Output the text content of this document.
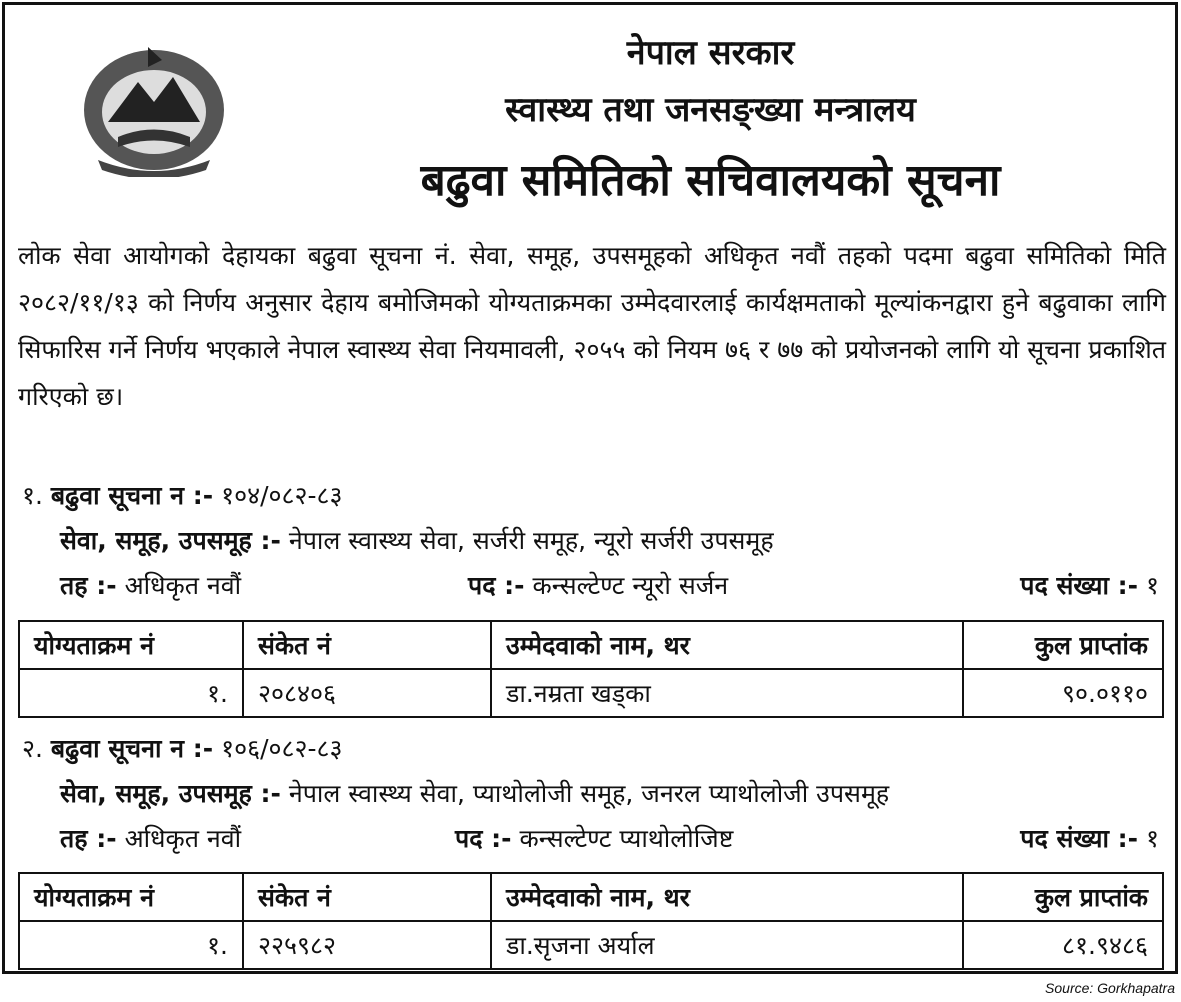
नेपाल सरकार
स्वास्थ्य तथा जनसङ्ख्या मन्त्रालय
बढुवा समितिको सचिवालयको सूचना
लोक सेवा आयोगको देहायका बढुवा सूचना नं. सेवा, समूह, उपसमूहको अधिकृत नवौं तहको पदमा बढुवा समितिको मिति २०८२/११/१३ को निर्णय अनुसार देहाय बमोजिमको योग्यताक्रमका उम्मेदवारलाई कार्यक्षमताको मूल्यांकनद्वारा हुने बढुवाका लागि सिफारिस गर्ने निर्णय भएकाले नेपाल स्वास्थ्य सेवा नियमावली, २०५५ को नियम ७६ र ७७ को प्रयोजनको लागि यो सूचना प्रकाशित गरिएको छ।
१. बढुवा सूचना न :- १०४/०८२-८३
सेवा, समूह, उपसमूह :- नेपाल स्वास्थ्य सेवा, सर्जरी समूह, न्यूरो सर्जरी उपसमूह
तह :- अधिकृत नवौं	पद :- कन्सल्टेण्ट न्यूरो सर्जन	पद संख्या :- १
योग्यताक्रम नं	संकेत नं	उम्मेदवाको नाम, थर	कुल प्राप्तांक
१.	२०८४०६	डा.नम्रता खड्का	९०.०११०
२. बढुवा सूचना न :- १०६/०८२-८३
सेवा, समूह, उपसमूह :- नेपाल स्वास्थ्य सेवा, प्याथोलोजी समूह, जनरल प्याथोलोजी उपसमूह
तह :- अधिकृत नवौं	पद :- कन्सल्टेण्ट प्याथोलोजिष्ट	पद संख्या :- १
योग्यताक्रम नं	संकेत नं	उम्मेदवाको नाम, थर	कुल प्राप्तांक
१.	२२५९८२	डा.सृजना अर्याल	८१.९४८६
Source: Gorkhapatra
